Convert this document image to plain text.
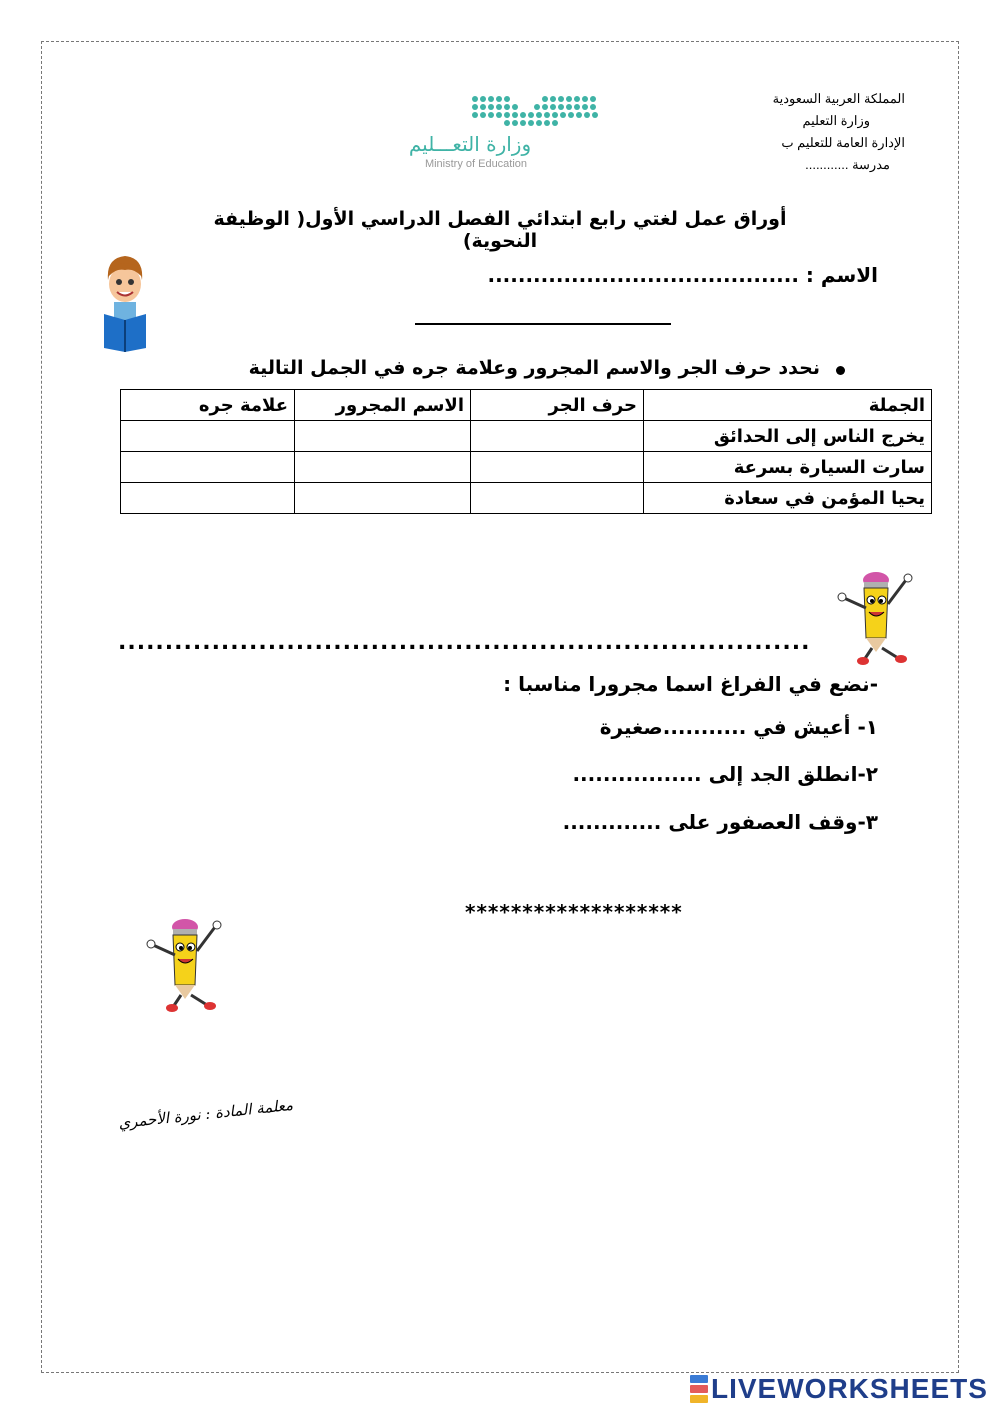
المملكة العربية السعودية
وزارة التعليم
الإدارة العامة للتعليم ب
مدرسة ............
وزارة التعـــليم
Ministry of Education
أوراق عمل لغتي رابع ابتدائي الفصل الدراسي الأول( الوظيفة النحوية)
الاسم : .........................................
نحدد حرف الجر والاسم المجرور وعلامة جره في الجمل التالية
الجملة	حرف الجر	الاسم المجرور	علامة جره
يخرج الناس إلى الحدائق			
سارت السيارة بسرعة			
يحيا المؤمن في سعادة			
..........................................................................
-نضع في الفراغ اسما مجرورا مناسبا :
١- أعيش في ...........صغيرة
٢-انطلق الجد إلى .................
٣-وقف العصفور على .............
*******************
معلمة المادة : نورة الأحمري
LIVEWORKSHEETS
